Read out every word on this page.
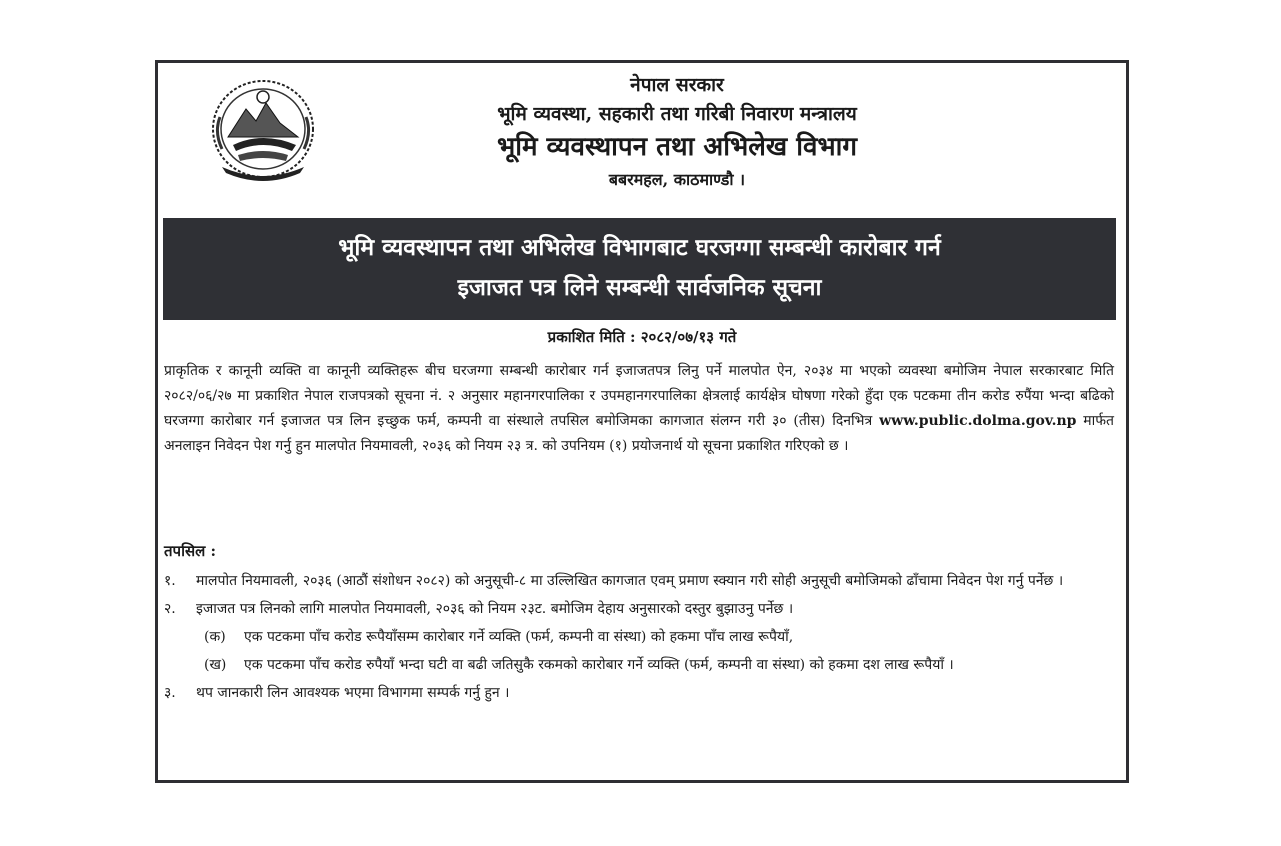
नेपाल सरकार
भूमि व्यवस्था, सहकारी तथा गरिबी निवारण मन्त्रालय
भूमि व्यवस्थापन तथा अभिलेख विभाग
बबरमहल, काठमाण्डौ ।
भूमि व्यवस्थापन तथा अभिलेख विभागबाट घरजग्गा सम्बन्धी कारोबार गर्न
इजाजत पत्र लिने सम्बन्धी सार्वजनिक सूचना
प्रकाशित मिति : २०८२/०७/१३ गते

प्राकृतिक र कानूनी व्यक्ति वा कानूनी व्यक्तिहरू बीच घरजग्गा सम्बन्धी कारोबार गर्न इजाजतपत्र लिनु पर्ने मालपोत ऐन, २०३४ मा भएको व्यवस्था बमोजिम नेपाल सरकारबाट मिति २०८२/०६/२७ मा प्रकाशित नेपाल राजपत्रको सूचना नं. २ अनुसार महानगरपालिका र उपमहानगरपालिका क्षेत्रलाई कार्यक्षेत्र घोषणा गरेको हुँदा एक पटकमा तीन करोड रुपैंया भन्दा बढिको घरजग्गा कारोबार गर्न इजाजत पत्र लिन इच्छुक फर्म, कम्पनी वा संस्थाले तपसिल बमोजिमका कागजात संलग्न गरी ३० (तीस) दिनभित्र www.public.dolma.gov.np मार्फत अनलाइन निवेदन पेश गर्नु हुन मालपोत नियमावली, २०३६ को नियम २३ त्र. को उपनियम (१) प्रयोजनार्थ यो सूचना प्रकाशित गरिएको छ ।

तपसिल :
१.	मालपोत नियमावली, २०३६ (आठौं संशोधन २०८२) को अनुसूची-८ मा उल्लिखित कागजात एवम् प्रमाण स्क्यान गरी सोही अनुसूची बमोजिमको ढाँचामा निवेदन पेश गर्नु पर्नेछ ।
२.	इजाजत पत्र लिनको लागि मालपोत नियमावली, २०३६ को नियम २३ट. बमोजिम देहाय अनुसारको दस्तुर बुझाउनु पर्नेछ ।
(क)	एक पटकमा पाँच करोड रूपैयाँसम्म कारोबार गर्ने व्यक्ति (फर्म, कम्पनी वा संस्था) को हकमा पाँच लाख रूपैयाँ,
(ख)	एक पटकमा पाँच करोड रुपैयाँ भन्दा घटी वा बढी जतिसुकै रकमको कारोबार गर्ने व्यक्ति (फर्म, कम्पनी वा संस्था) को हकमा दश लाख रूपैयाँ ।
३.	थप जानकारी लिन आवश्यक भएमा विभागमा सम्पर्क गर्नु हुन ।
